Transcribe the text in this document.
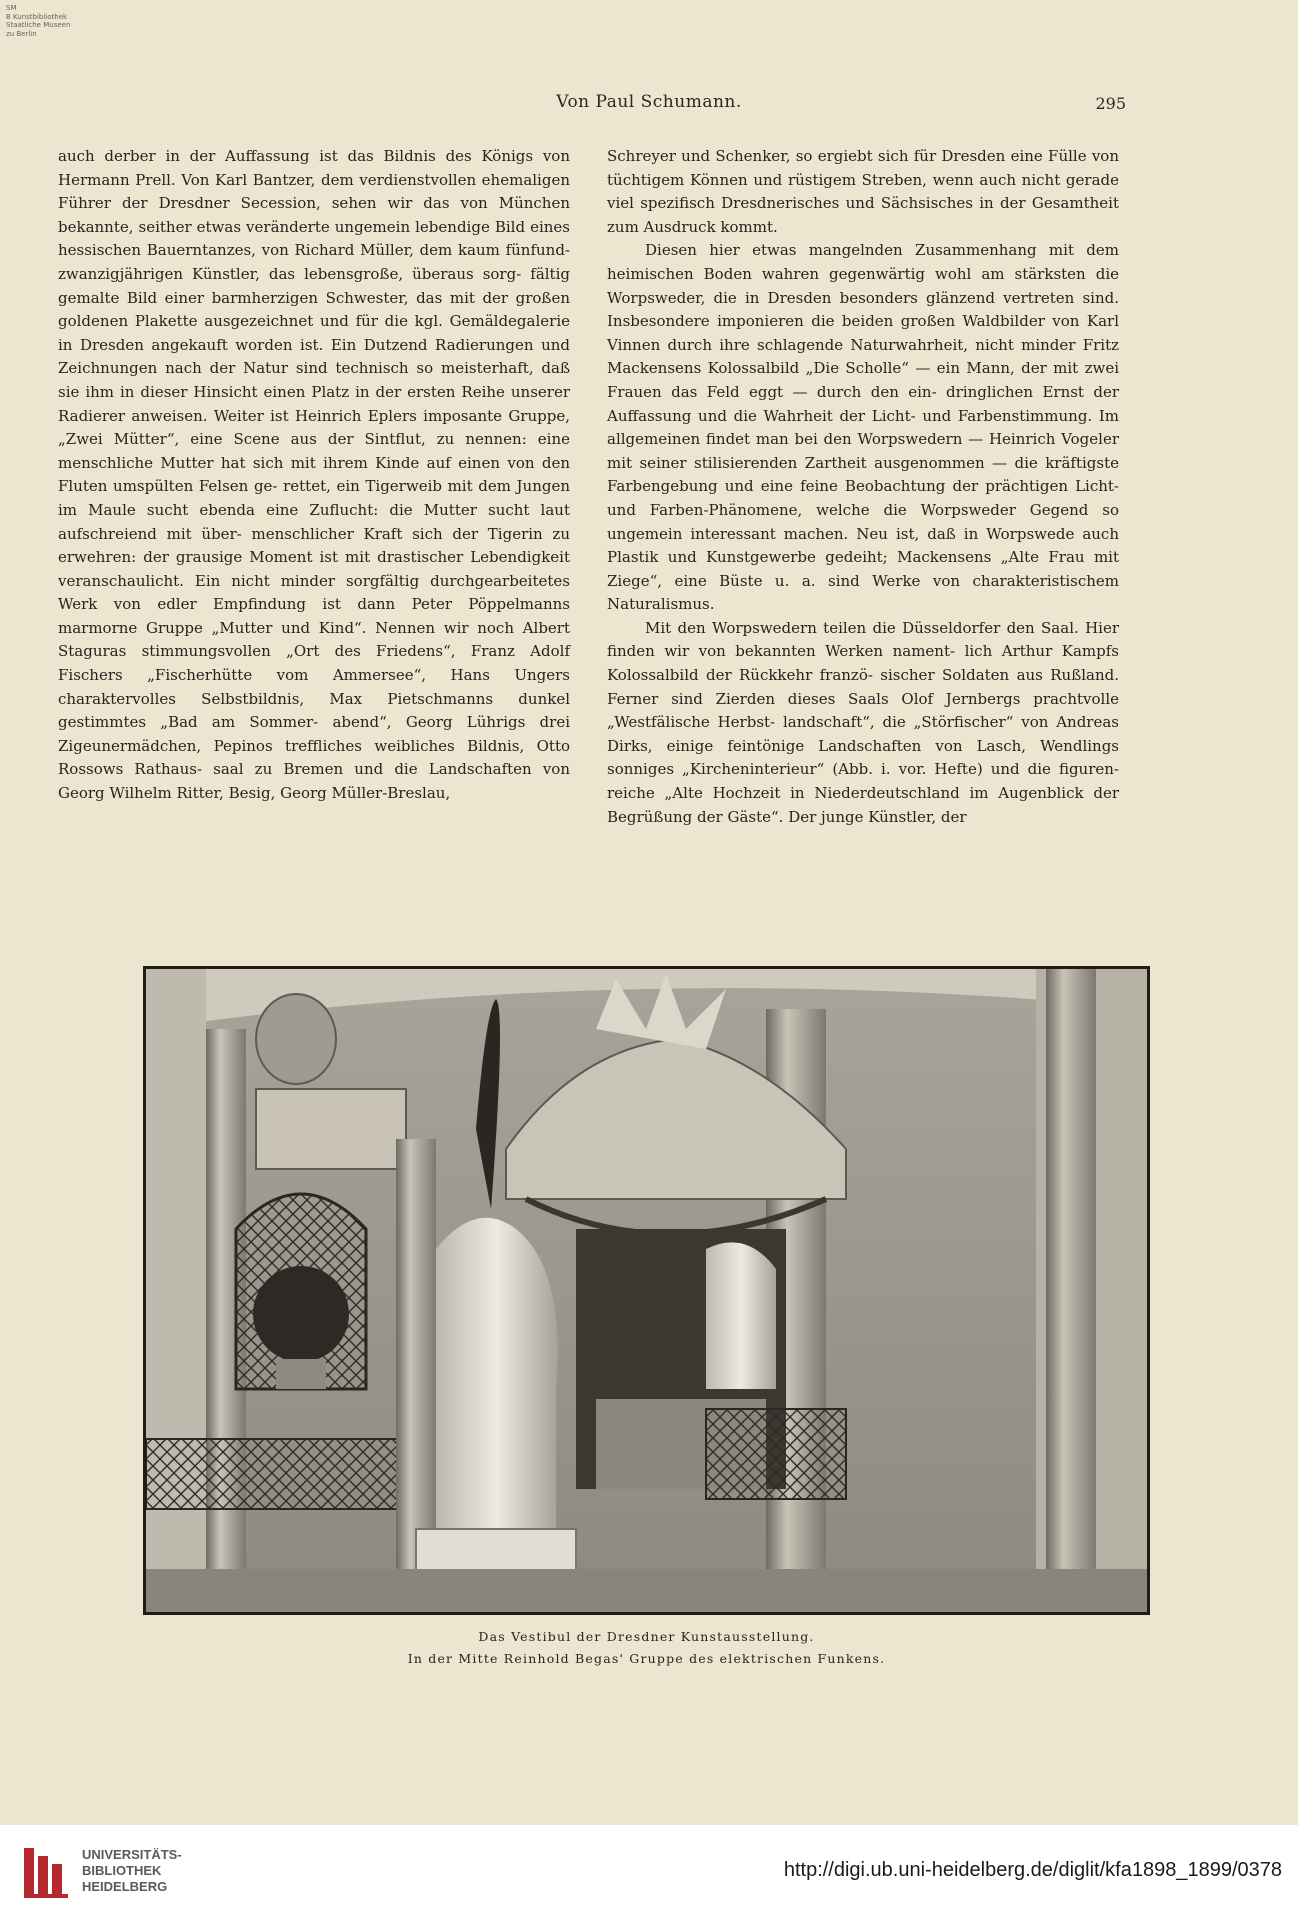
SM
B Kunstbibliothek
Staatliche Museen
zu Berlin
Von Paul Schumann.	295

auch derber in der Auffassung ist das Bildnis des Königs von Hermann Prell. Von Karl Bantzer, dem verdienstvollen ehemaligen Führer der Dresdner Secession, sehen wir das von München bekannte, seither etwas veränderte ungemein lebendige Bild eines hessischen Bauerntanzes, von Richard Müller, dem kaum fünfund- zwanzigjährigen Künstler, das lebensgroße, überaus sorg- fältig gemalte Bild einer barmherzigen Schwester, das mit der großen goldenen Plakette ausgezeichnet und für die kgl. Gemäldegalerie in Dresden angekauft worden ist. Ein Dutzend Radierungen und Zeichnungen nach der Natur sind technisch so meisterhaft, daß sie ihm in dieser Hinsicht einen Platz in der ersten Reihe unserer Radierer anweisen. Weiter ist Heinrich Eplers imposante Gruppe, „Zwei Mütter“, eine Scene aus der Sintflut, zu nennen: eine menschliche Mutter hat sich mit ihrem Kinde auf einen von den Fluten umspülten Felsen ge- rettet, ein Tigerweib mit dem Jungen im Maule sucht ebenda eine Zuflucht: die Mutter sucht laut aufschreiend mit über- menschlicher Kraft sich der Tigerin zu erwehren: der grausige Moment ist mit drastischer Lebendigkeit veranschaulicht. Ein nicht minder sorgfältig durchgearbeitetes Werk von edler Empfindung ist dann Peter Pöppelmanns marmorne Gruppe „Mutter und Kind“. Nennen wir noch Albert Staguras stimmungsvollen „Ort des Friedens“, Franz Adolf Fischers „Fischerhütte vom Ammersee“, Hans Ungers charaktervolles Selbstbildnis, Max Pietschmanns dunkel gestimmtes „Bad am Sommer- abend“, Georg Lührigs drei Zigeunermädchen, Pepinos treffliches weibliches Bildnis, Otto Rossows Rathaus- saal zu Bremen und die Landschaften von Georg Wilhelm Ritter, Besig, Georg Müller-Breslau,

Schreyer und Schenker, so ergiebt sich für Dresden eine Fülle von tüchtigem Können und rüstigem Streben, wenn auch nicht gerade viel spezifisch Dresdnerisches und Sächsisches in der Gesamtheit zum Ausdruck kommt.

Diesen hier etwas mangelnden Zusammenhang mit dem heimischen Boden wahren gegenwärtig wohl am stärksten die Worpsweder, die in Dresden besonders glänzend vertreten sind. Insbesondere imponieren die beiden großen Waldbilder von Karl Vinnen durch ihre schlagende Naturwahrheit, nicht minder Fritz Mackensens Kolossalbild „Die Scholle“ — ein Mann, der mit zwei Frauen das Feld eggt — durch den ein- dringlichen Ernst der Auffassung und die Wahrheit der Licht- und Farbenstimmung. Im allgemeinen findet man bei den Worpswedern — Heinrich Vogeler mit seiner stilisierenden Zartheit ausgenommen — die kräftigste Farbengebung und eine feine Beobachtung der prächtigen Licht- und Farben-Phänomene, welche die Worpsweder Gegend so ungemein interessant machen. Neu ist, daß in Worpswede auch Plastik und Kunstgewerbe gedeiht; Mackensens „Alte Frau mit Ziege“, eine Büste u. a. sind Werke von charakteristischem Naturalismus.

Mit den Worpswedern teilen die Düsseldorfer den Saal. Hier finden wir von bekannten Werken nament- lich Arthur Kampfs Kolossalbild der Rückkehr franzö- sischer Soldaten aus Rußland. Ferner sind Zierden dieses Saals Olof Jernbergs prachtvolle „Westfälische Herbst- landschaft“, die „Störfischer“ von Andreas Dirks, einige feintönige Landschaften von Lasch, Wendlings sonniges „Kircheninterieur“ (Abb. i. vor. Hefte) und die figuren- reiche „Alte Hochzeit in Niederdeutschland im Augenblick der Begrüßung der Gäste“. Der junge Künstler, der

Das Vestibul der Dresdner Kunstausstellung.
In der Mitte Reinhold Begas' Gruppe des elektrischen Funkens.
UNIVERSITÄTS-
BIBLIOTHEK
HEIDELBERG
http://digi.ub.uni-heidelberg.de/diglit/kfa1898_1899/0378
